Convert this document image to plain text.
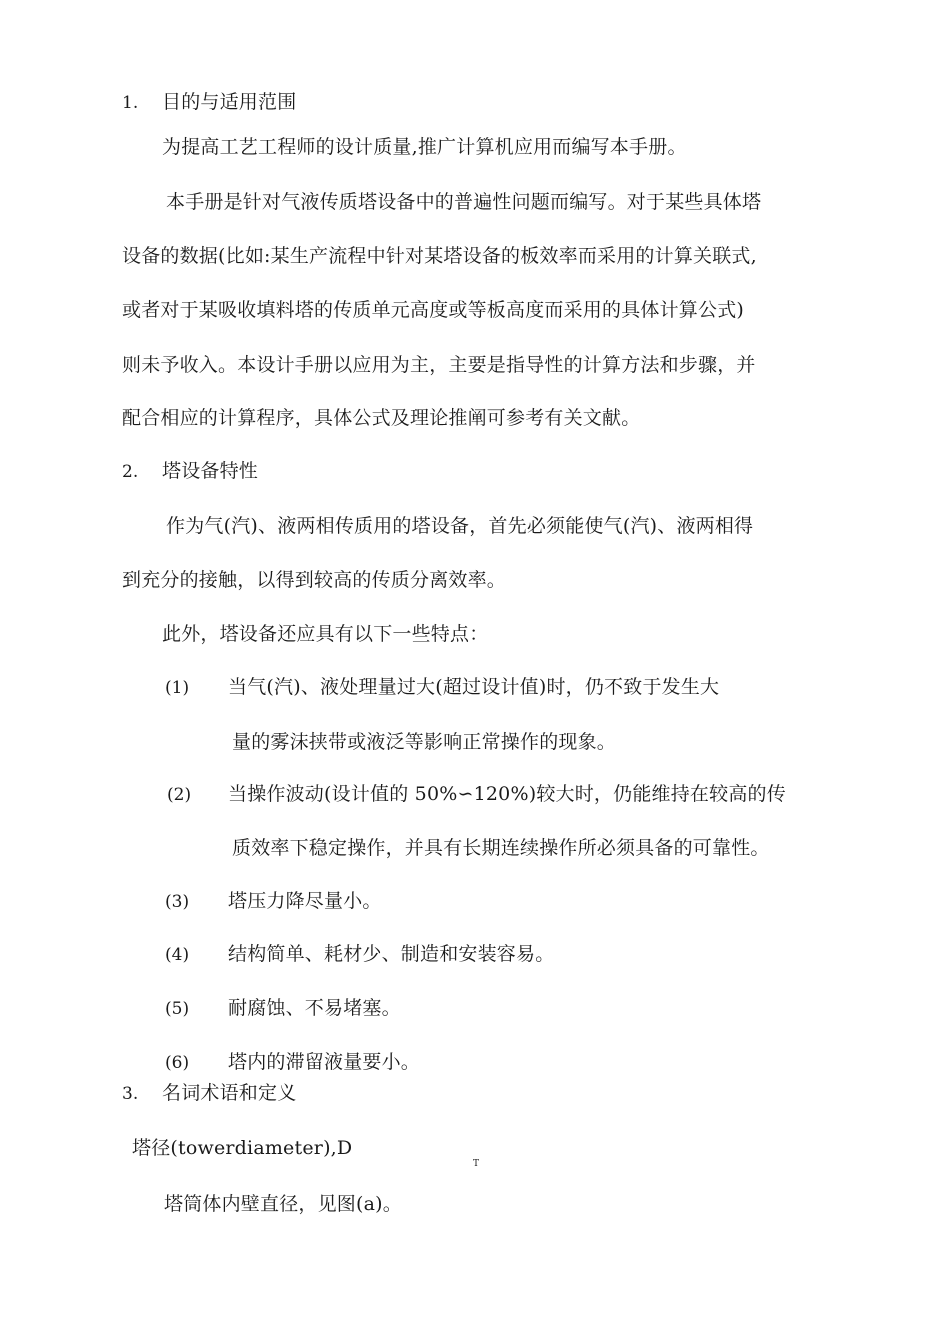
1. 目的与适用范围
为提高工艺工程师的设计质量,推广计算机应用而编写本手册。
本手册是针对气液传质塔设备中的普遍性问题而编写。对于某些具体塔
设备的数据(比如:某生产流程中针对某塔设备的板效率而采用的计算关联式,
或者对于某吸收填料塔的传质单元高度或等板高度而采用的具体计算公式)
则未予收入。本设计手册以应用为主，主要是指导性的计算方法和步骤，并
配合相应的计算程序，具体公式及理论推阐可参考有关文献。
2. 塔设备特性
作为气(汽)、液两相传质用的塔设备，首先必须能使气(汽)、液两相得
到充分的接触，以得到较高的传质分离效率。
此外，塔设备还应具有以下一些特点：
(1) 当气(汽)、液处理量过大(超过设计值)时，仍不致于发生大
量的雾沫挟带或液泛等影响正常操作的现象。
(2) 当操作波动(设计值的 50%∽120%)较大时，仍能维持在较高的传
质效率下稳定操作，并具有长期连续操作所必须具备的可靠性。
(3) 塔压力降尽量小。
(4) 结构简单、耗材少、制造和安装容易。
(5) 耐腐蚀、不易堵塞。
(6) 塔内的滞留液量要小。
3. 名词术语和定义
塔径(towerdiameter),D
T
塔筒体内壁直径，见图(a)。
